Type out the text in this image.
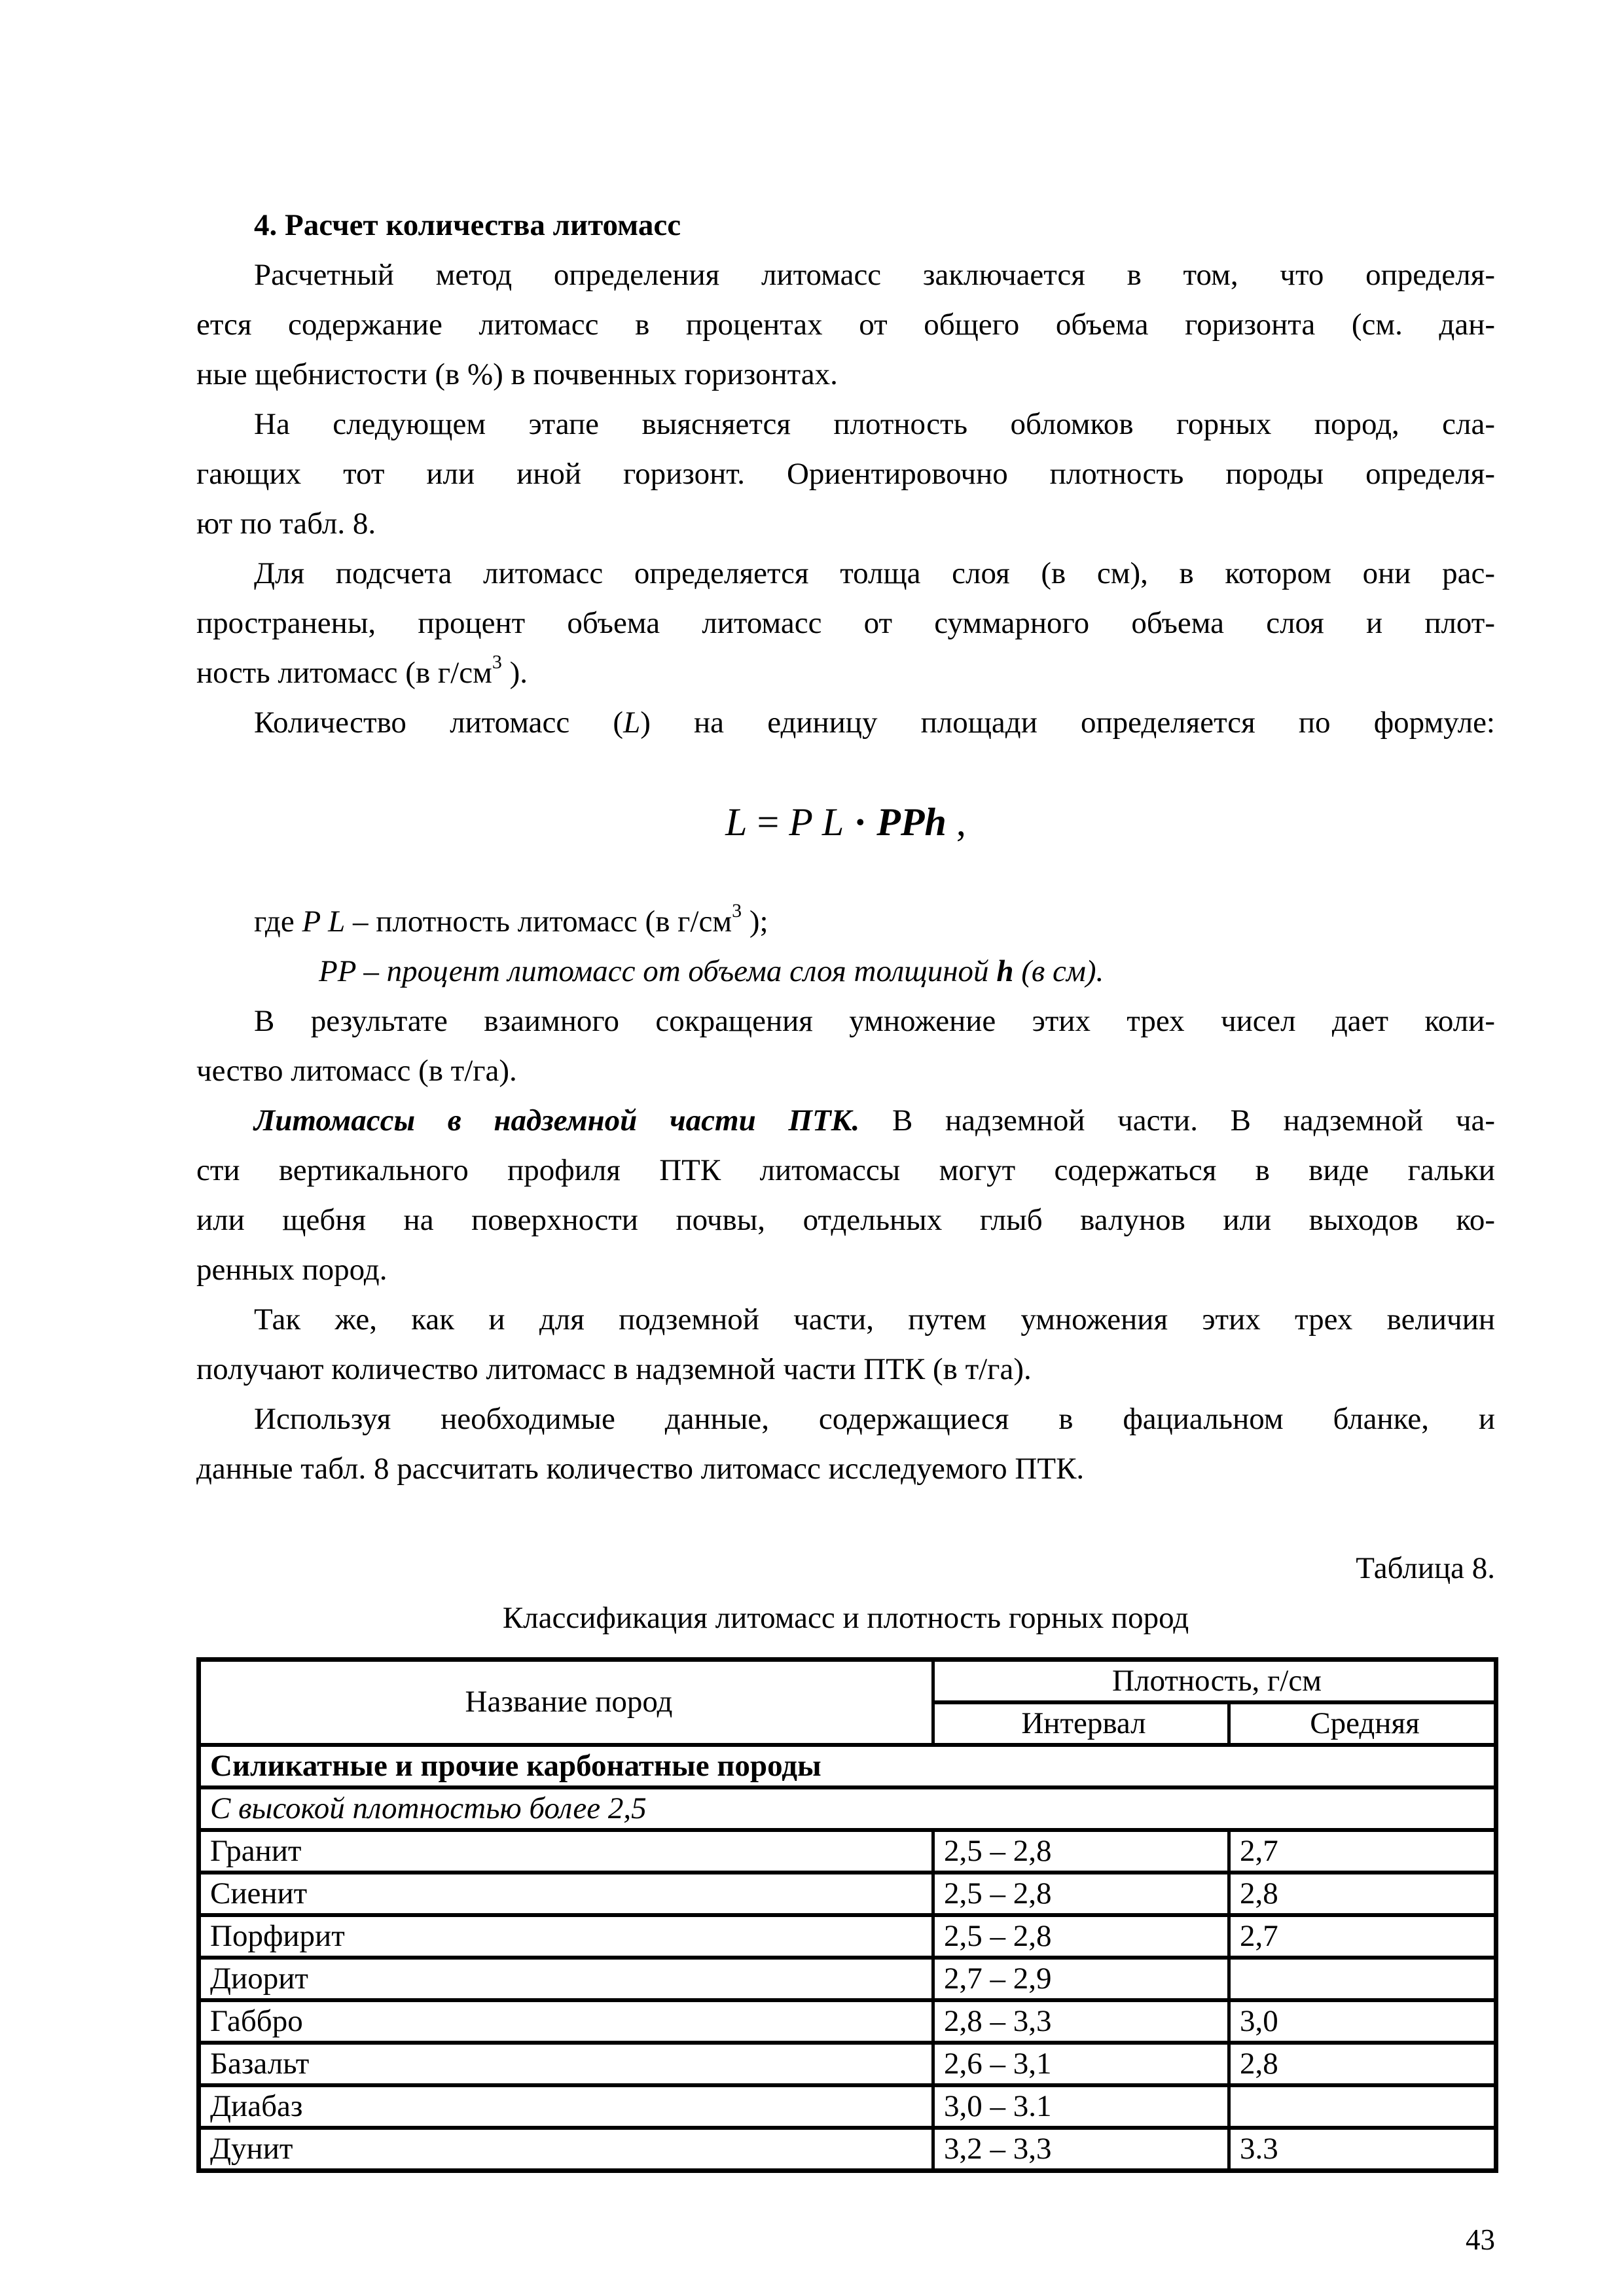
4. Расчет количества литомасс
Расчетный метод определения литомасс заключается в том, что определя-
ется содержание литомасс в процентах от общего объема горизонта (см. дан-
ные щебнистости (в %) в почвенных горизонтах.
На следующем этапе выясняется плотность обломков горных пород, сла-
гающих тот или иной горизонт. Ориентировочно плотность породы определя-
ют по табл. 8.
Для подсчета литомасс определяется толща слоя (в см), в котором они рас-
пространены, процент объема литомасс от суммарного объема слоя и плот-
ность литомасс (в $г/см^3$ ).
Количество литомасс (L) на единицу площади определяется по формуле:
L = P L · PPh ,
где P L – плотность литомасс (в $г/см^3$ );
PP – процент литомасс от объема слоя толщиной h (в см).
В результате взаимного сокращения умножение этих трех чисел дает коли-
чество литомасс (в т/га).
Литомассы в надземной части ПТК. В надземной части. В надземной ча-
сти вертикального профиля ПТК литомассы могут содержаться в виде гальки
или щебня на поверхности почвы, отдельных глыб валунов или выходов ко-
ренных пород.
Так же, как и для подземной части, путем умножения этих трех величин
получают количество литомасс в надземной части ПТК (в т/га).
Используя необходимые данные, содержащиеся в фациальном бланке, и
данные табл. 8 рассчитать количество литомасс исследуемого ПТК.
Таблица 8.
Классификация литомасс и плотность горных пород
Название пород	Плотность, г/см	
	Интервал	Средняя
Силикатные и прочие карбонатные породы		
С высокой плотностью более 2,5		
Гранит	2,5 – 2,8	2,7
Сиенит	2,5 – 2,8	2,8
Порфирит	2,5 – 2,8	2,7
Диорит	2,7 – 2,9	
Габбро	2,8 – 3,3	3,0
Базальт	2,6 – 3,1	2,8
Диабаз	3,0 – 3.1	
Дунит	3,2 – 3,3	3.3
43
